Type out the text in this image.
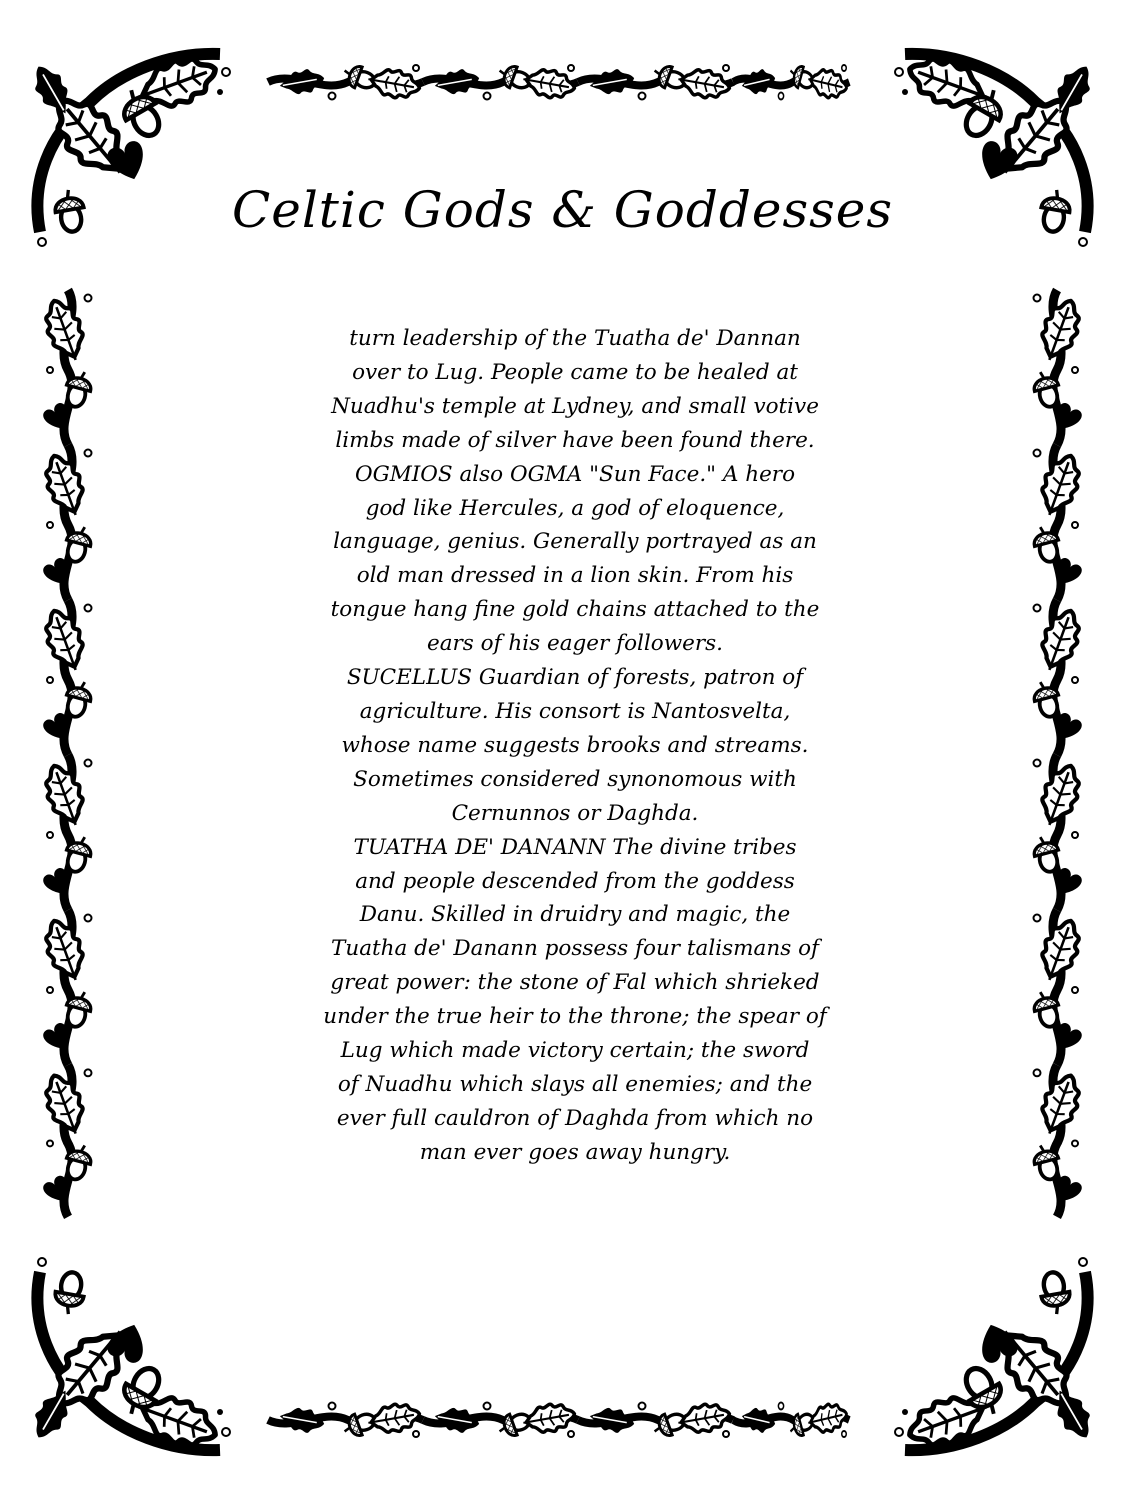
Celtic Gods & Goddesses
turn leadership of the Tuatha de' Dannan
over to Lug. People came to be healed at
Nuadhu's temple at Lydney, and small votive
limbs made of silver have been found there.
OGMIOS also OGMA "Sun Face." A hero
god like Hercules, a god of eloquence,
language, genius. Generally portrayed as an
old man dressed in a lion skin. From his
tongue hang fine gold chains attached to the
ears of his eager followers.
SUCELLUS Guardian of forests, patron of
agriculture. His consort is Nantosvelta,
whose name suggests brooks and streams.
Sometimes considered synonomous with
Cernunnos or Daghda.
TUATHA DE' DANANN The divine tribes
and people descended from the goddess
Danu. Skilled in druidry and magic, the
Tuatha de' Danann possess four talismans of
great power: the stone of Fal which shrieked
under the true heir to the throne; the spear of
Lug which made victory certain; the sword
of Nuadhu which slays all enemies; and the
ever full cauldron of Daghda from which no
man ever goes away hungry.
